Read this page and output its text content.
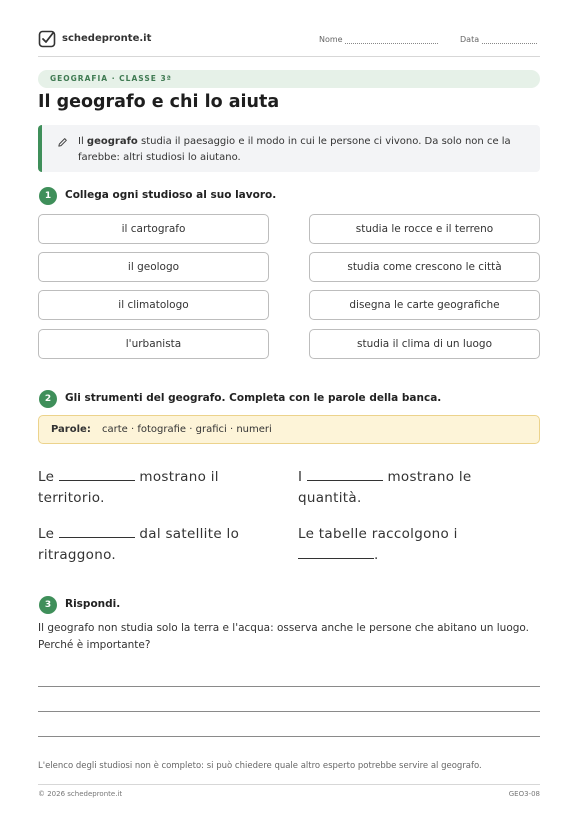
schedepronte.it	Nome	Data
GEOGRAFIA · CLASSE 3ª
Il geografo e chi lo aiuta
Il geografo studia il paesaggio e il modo in cui le persone ci vivono. Da solo non ce la farebbe: altri studiosi lo aiutano.
1	Collega ogni studioso al suo lavoro.
il cartografo
il geologo
il climatologo
l'urbanista
studia le rocce e il terreno
studia come crescono le città
disegna le carte geografiche
studia il clima di un luogo
2	Gli strumenti del geografo. Completa con le parole della banca.
Parole: carte · fotografie · grafici · numeri
Le	mostrano il territorio.
I	mostrano le quantità.
Le	dal satellite lo ritraggono.
Le tabelle raccolgono i .
3	Rispondi.
Il geografo non studia solo la terra e l'acqua: osserva anche le persone che abitano un luogo. Perché è importante?
L'elenco degli studiosi non è completo: si può chiedere quale altro esperto potrebbe servire al geografo.
© 2026 schedepronte.it	GEO3-08
